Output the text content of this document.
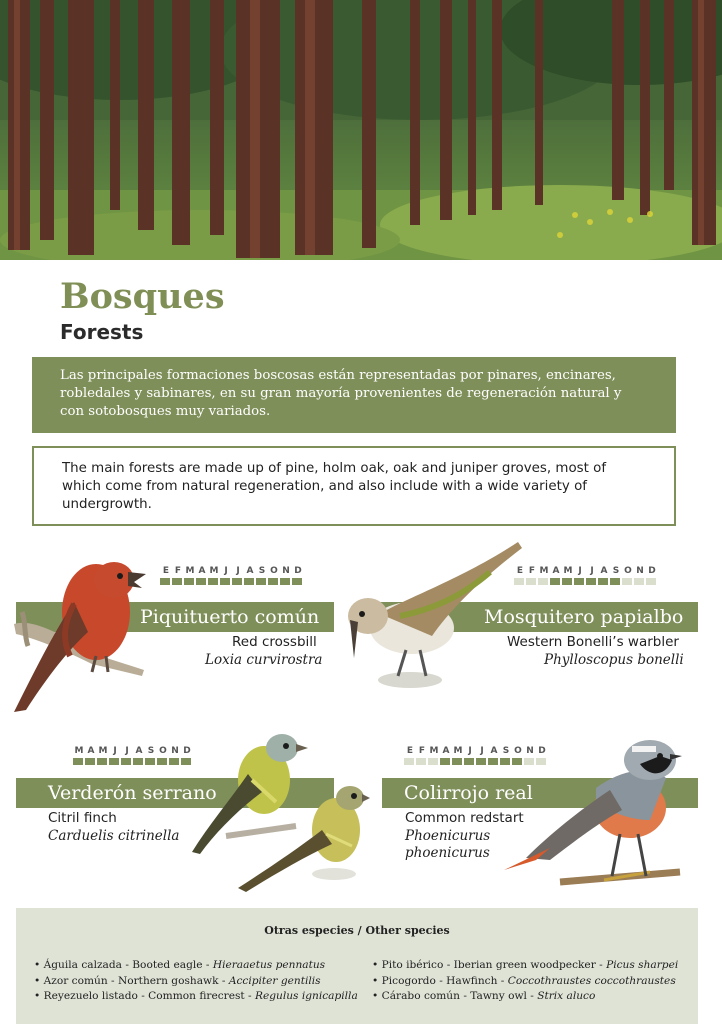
Bosques
Forests
Las principales formaciones boscosas están representadas por pinares, encinares, robledales y sabinares, en su gran mayoría provenientes de regeneración natural y con sotobosques muy variados.
The main forests are made up of pine, holm oak, oak and juniper groves, most of which come from natural regeneration, and also include with a wide variety of undergrowth.
E F M A M J J A S O N D
Piquituerto común
Red crossbill
Loxia curvirostra
E F M A M J J A S O N D
Mosquitero papialbo
Western Bonelli’s warbler
Phylloscopus bonelli
M A M J J A S O N D
Verderón serrano
Citril finch
Carduelis citrinella
E F M A M J J A S O N D
Colirrojo real
Common redstart
Phoenicurus
phoenicurus
Otras especies / Other species
• Águila calzada - Booted eagle - Hieraaetus pennatus
• Azor común - Northern goshawk - Accipiter gentilis
• Reyezuelo listado - Common firecrest - Regulus ignicapilla
• Pito ibérico - Iberian green woodpecker - Picus sharpei
• Picogordo - Hawfinch - Coccothraustes coccothraustes
• Cárabo común - Tawny owl - Strix aluco
